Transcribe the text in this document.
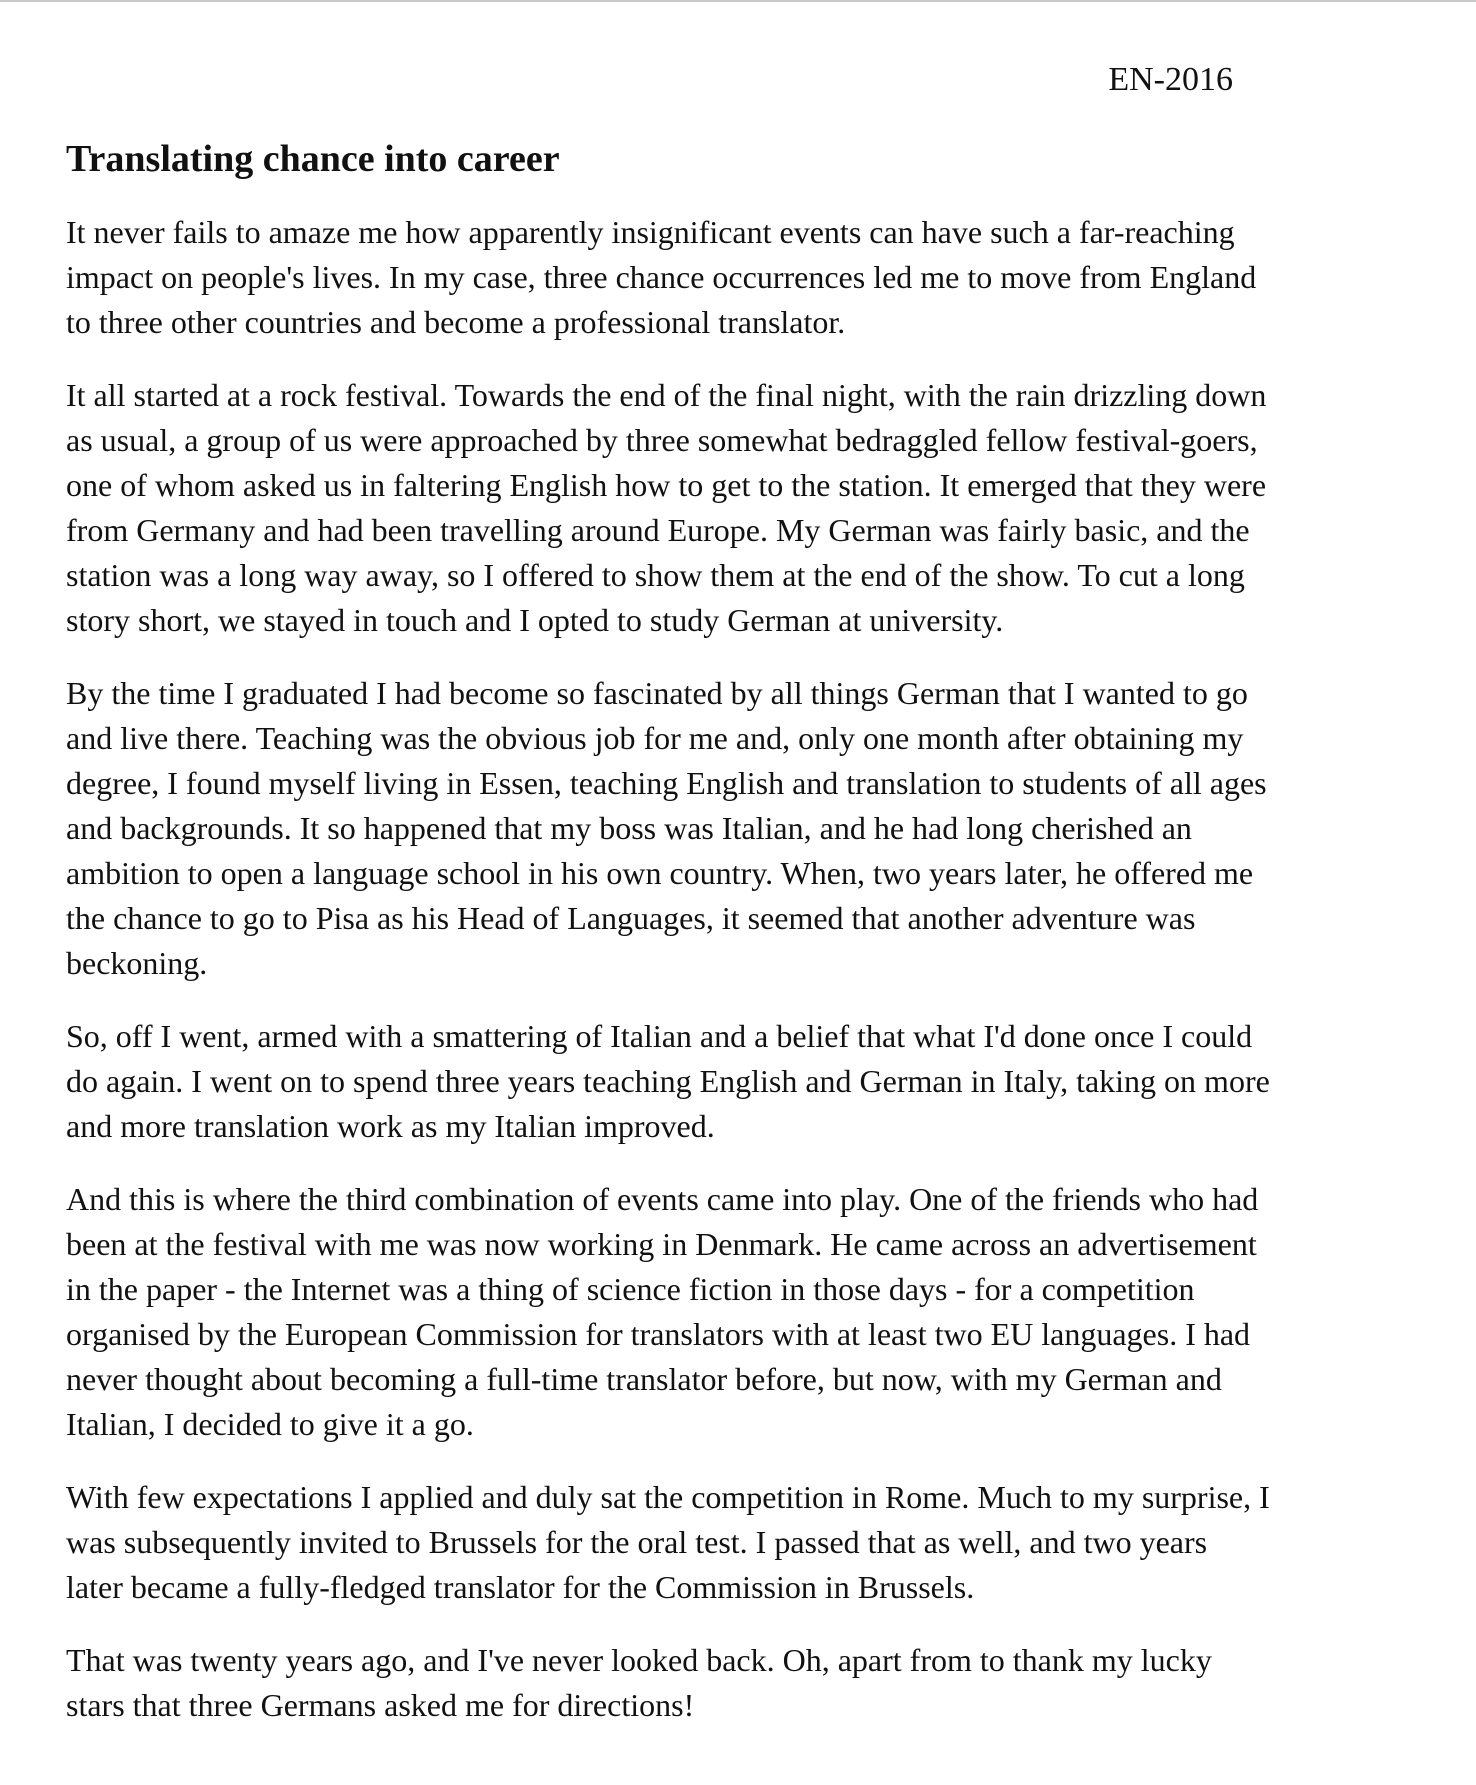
EN-2016
Translating chance into career

It never fails to amaze me how apparently insignificant events can have such a far-reaching
impact on people's lives. In my case, three chance occurrences led me to move from England
to three other countries and become a professional translator.

It all started at a rock festival. Towards the end of the final night, with the rain drizzling down
as usual, a group of us were approached by three somewhat bedraggled fellow festival-goers,
one of whom asked us in faltering English how to get to the station. It emerged that they were
from Germany and had been travelling around Europe. My German was fairly basic, and the
station was a long way away, so I offered to show them at the end of the show. To cut a long
story short, we stayed in touch and I opted to study German at university.

By the time I graduated I had become so fascinated by all things German that I wanted to go
and live there. Teaching was the obvious job for me and, only one month after obtaining my
degree, I found myself living in Essen, teaching English and translation to students of all ages
and backgrounds. It so happened that my boss was Italian, and he had long cherished an
ambition to open a language school in his own country. When, two years later, he offered me
the chance to go to Pisa as his Head of Languages, it seemed that another adventure was
beckoning.

So, off I went, armed with a smattering of Italian and a belief that what I'd done once I could
do again. I went on to spend three years teaching English and German in Italy, taking on more
and more translation work as my Italian improved.

And this is where the third combination of events came into play. One of the friends who had
been at the festival with me was now working in Denmark. He came across an advertisement
in the paper - the Internet was a thing of science fiction in those days - for a competition
organised by the European Commission for translators with at least two EU languages. I had
never thought about becoming a full-time translator before, but now, with my German and
Italian, I decided to give it a go.

With few expectations I applied and duly sat the competition in Rome. Much to my surprise, I
was subsequently invited to Brussels for the oral test. I passed that as well, and two years
later became a fully-fledged translator for the Commission in Brussels.

That was twenty years ago, and I've never looked back. Oh, apart from to thank my lucky
stars that three Germans asked me for directions!
